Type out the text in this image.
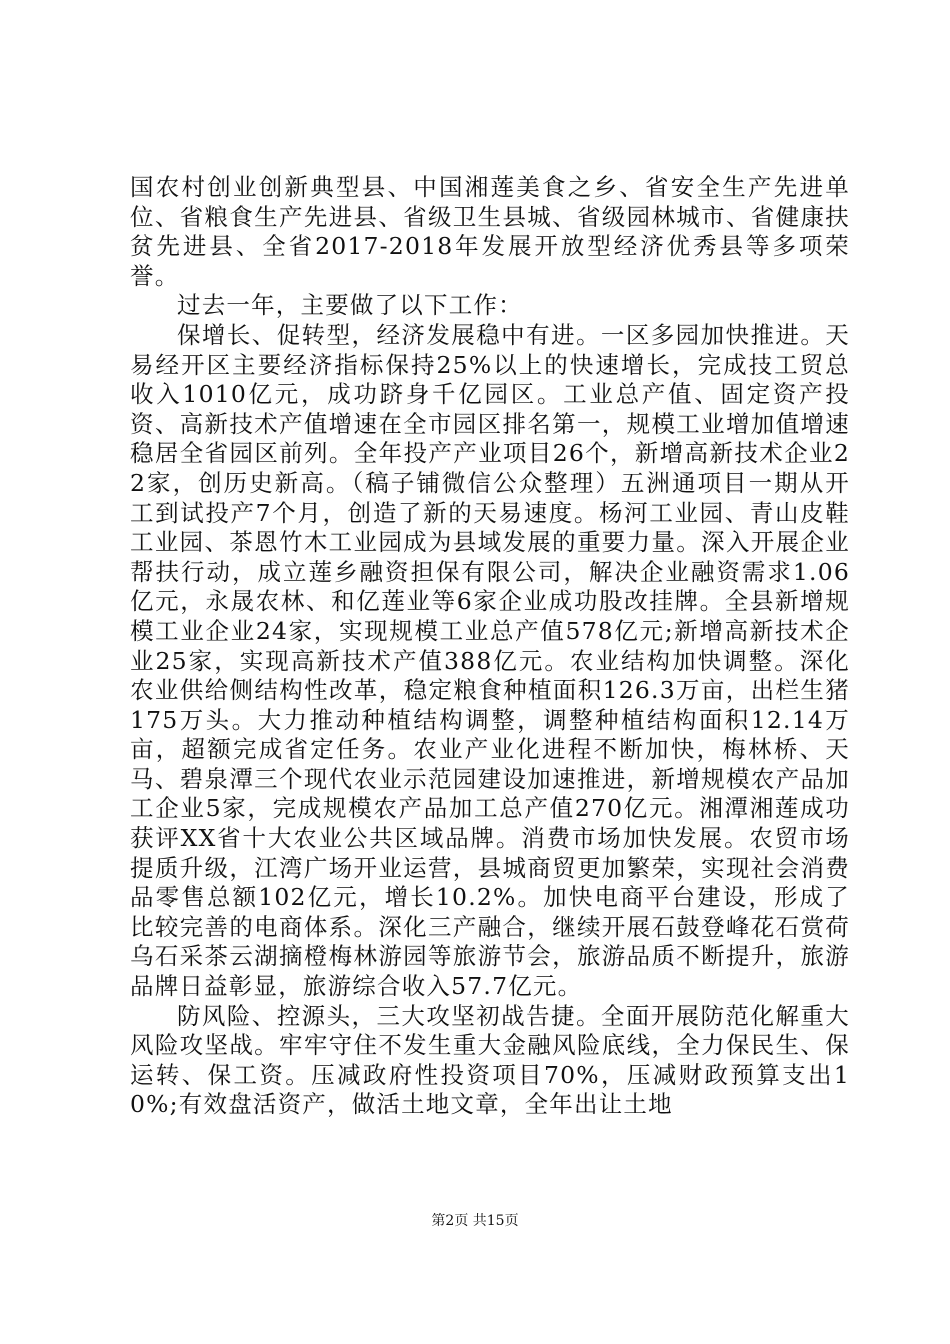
国农村创业创新典型县、中国湘莲美食之乡、省安全生产先进单位、省粮食生产先进县、省级卫生县城、省级园林城市、省健康扶贫先进县、全省2017-2018年发展开放型经济优秀县等多项荣誉。

过去一年，主要做了以下工作：

保增长、促转型，经济发展稳中有进。一区多园加快推进。天易经开区主要经济指标保持25%以上的快速增长，完成技工贸总收入1010亿元，成功跻身千亿园区。工业总产值、固定资产投资、高新技术产值增速在全市园区排名第一，规模工业增加值增速稳居全省园区前列。全年投产产业项目26个，新增高新技术企业22家，创历史新高。（稿子铺微信公众整理）五洲通项目一期从开工到试投产7个月，创造了新的天易速度。杨河工业园、青山皮鞋工业园、茶恩竹木工业园成为县域发展的重要力量。深入开展企业帮扶行动，成立莲乡融资担保有限公司，解决企业融资需求1.06亿元，永晟农林、和亿莲业等6家企业成功股改挂牌。全县新增规模工业企业24家，实现规模工业总产值578亿元;新增高新技术企业25家，实现高新技术产值388亿元。农业结构加快调整。深化农业供给侧结构性改革，稳定粮食种植面积126.3万亩，出栏生猪175万头。大力推动种植结构调整，调整种植结构面积12.14万亩，超额完成省定任务。农业产业化进程不断加快，梅林桥、天马、碧泉潭三个现代农业示范园建设加速推进，新增规模农产品加工企业5家，完成规模农产品加工总产值270亿元。湘潭湘莲成功获评XX省十大农业公共区域品牌。消费市场加快发展。农贸市场提质升级，江湾广场开业运营，县城商贸更加繁荣，实现社会消费品零售总额102亿元，增长10.2%。加快电商平台建设，形成了比较完善的电商体系。深化三产融合，继续开展石鼓登峰花石赏荷乌石采茶云湖摘橙梅林游园等旅游节会，旅游品质不断提升，旅游品牌日益彰显，旅游综合收入57.7亿元。

防风险、控源头，三大攻坚初战告捷。全面开展防范化解重大风险攻坚战。牢牢守住不发生重大金融风险底线，全力保民生、保运转、保工资。压减政府性投资项目70%，压减财政预算支出10%;有效盘活资产，做活土地文章，全年出让土地

第2页 共15页
